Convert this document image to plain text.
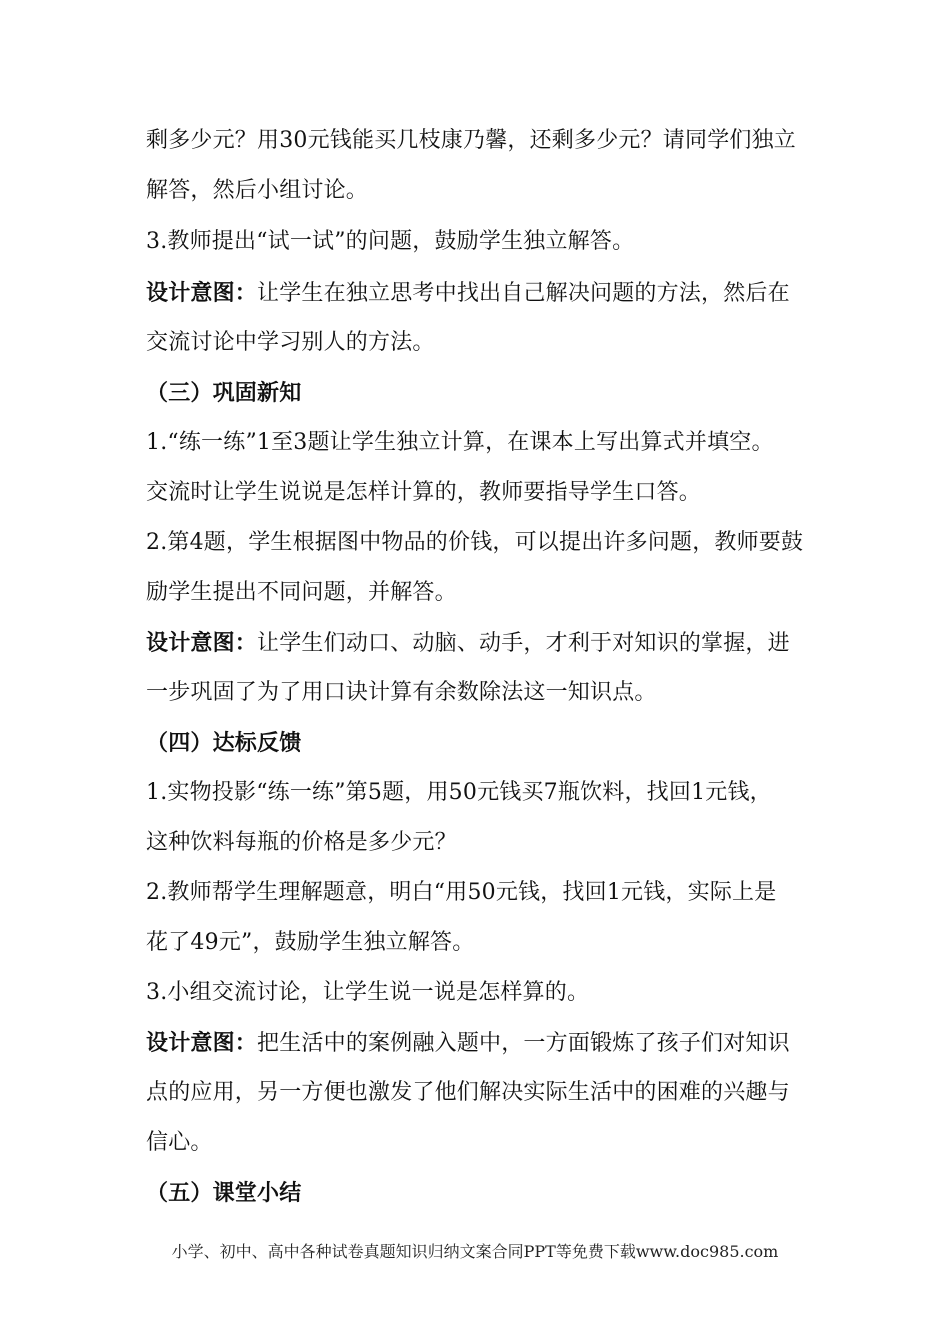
剩多少元？用30元钱能买几枝康乃馨，还剩多少元？请同学们独立
解答，然后小组讨论。
3.教师提出“试一试”的问题，鼓励学生独立解答。
设计意图：让学生在独立思考中找出自己解决问题的方法，然后在
交流讨论中学习别人的方法。
（三）巩固新知
1.“练一练”1至3题让学生独立计算，在课本上写出算式并填空。
交流时让学生说说是怎样计算的，教师要指导学生口答。
2.第4题，学生根据图中物品的价钱，可以提出许多问题，教师要鼓
励学生提出不同问题，并解答。
设计意图：让学生们动口、动脑、动手，才利于对知识的掌握，进
一步巩固了为了用口诀计算有余数除法这一知识点。
（四）达标反馈
1.实物投影“练一练”第5题，用50元钱买7瓶饮料，找回1元钱，
这种饮料每瓶的价格是多少元？
2.教师帮学生理解题意，明白“用50元钱，找回1元钱，实际上是
花了49元”，鼓励学生独立解答。
3.小组交流讨论，让学生说一说是怎样算的。
设计意图：把生活中的案例融入题中，一方面锻炼了孩子们对知识
点的应用，另一方便也激发了他们解决实际生活中的困难的兴趣与
信心。
（五）课堂小结
小学、初中、高中各种试卷真题知识归纳文案合同PPT等免费下载www.doc985.com
